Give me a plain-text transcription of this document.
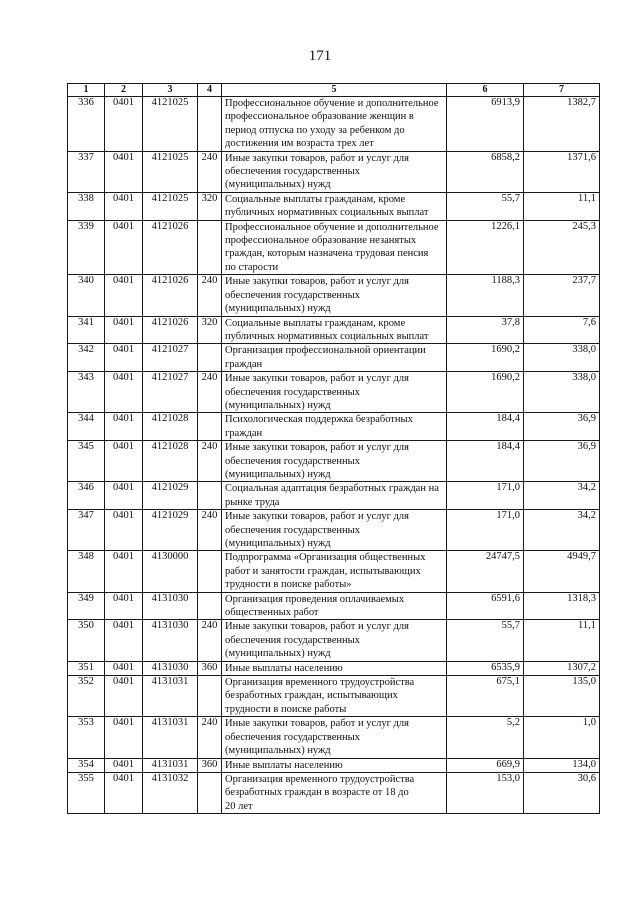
171
1	2	3	4	5	6	7
336	0401	4121025		Профессиональное обучение и дополнительное
профессиональное образование женщин в
период отпуска по уходу за ребенком до
достижения им возраста трех лет	6913,9	1382,7
337	0401	4121025	240	Иные закупки товаров, работ и услуг для
обеспечения государственных
(муниципальных) нужд	6858,2	1371,6
338	0401	4121025	320	Социальные выплаты гражданам, кроме
публичных нормативных социальных выплат	55,7	11,1
339	0401	4121026		Профессиональное обучение и дополнительное
профессиональное образование незанятых
граждан, которым назначена трудовая пенсия
по старости	1226,1	245,3
340	0401	4121026	240	Иные закупки товаров, работ и услуг для
обеспечения государственных
(муниципальных) нужд	1188,3	237,7
341	0401	4121026	320	Социальные выплаты гражданам, кроме
публичных нормативных социальных выплат	37,8	7,6
342	0401	4121027		Организация профессиональной ориентации
граждан	1690,2	338,0
343	0401	4121027	240	Иные закупки товаров, работ и услуг для
обеспечения государственных
(муниципальных) нужд	1690,2	338,0
344	0401	4121028		Психологическая поддержка безработных
граждан	184,4	36,9
345	0401	4121028	240	Иные закупки товаров, работ и услуг для
обеспечения государственных
(муниципальных) нужд	184,4	36,9
346	0401	4121029		Социальная адаптация безработных граждан на
рынке труда	171,0	34,2
347	0401	4121029	240	Иные закупки товаров, работ и услуг для
обеспечения государственных
(муниципальных) нужд	171,0	34,2
348	0401	4130000		Подпрограмма «Организация общественных
работ и занятости граждан, испытывающих
трудности в поиске работы»	24747,5	4949,7
349	0401	4131030		Организация проведения оплачиваемых
общественных работ	6591,6	1318,3
350	0401	4131030	240	Иные закупки товаров, работ и услуг для
обеспечения государственных
(муниципальных) нужд	55,7	11,1
351	0401	4131030	360	Иные выплаты населению	6535,9	1307,2
352	0401	4131031		Организация временного трудоустройства
безработных граждан, испытывающих
трудности в поиске работы	675,1	135,0
353	0401	4131031	240	Иные закупки товаров, работ и услуг для
обеспечения государственных
(муниципальных) нужд	5,2	1,0
354	0401	4131031	360	Иные выплаты населению	669,9	134,0
355	0401	4131032		Организация временного трудоустройства
безработных граждан в возрасте от 18 до
20 лет	153,0	30,6
